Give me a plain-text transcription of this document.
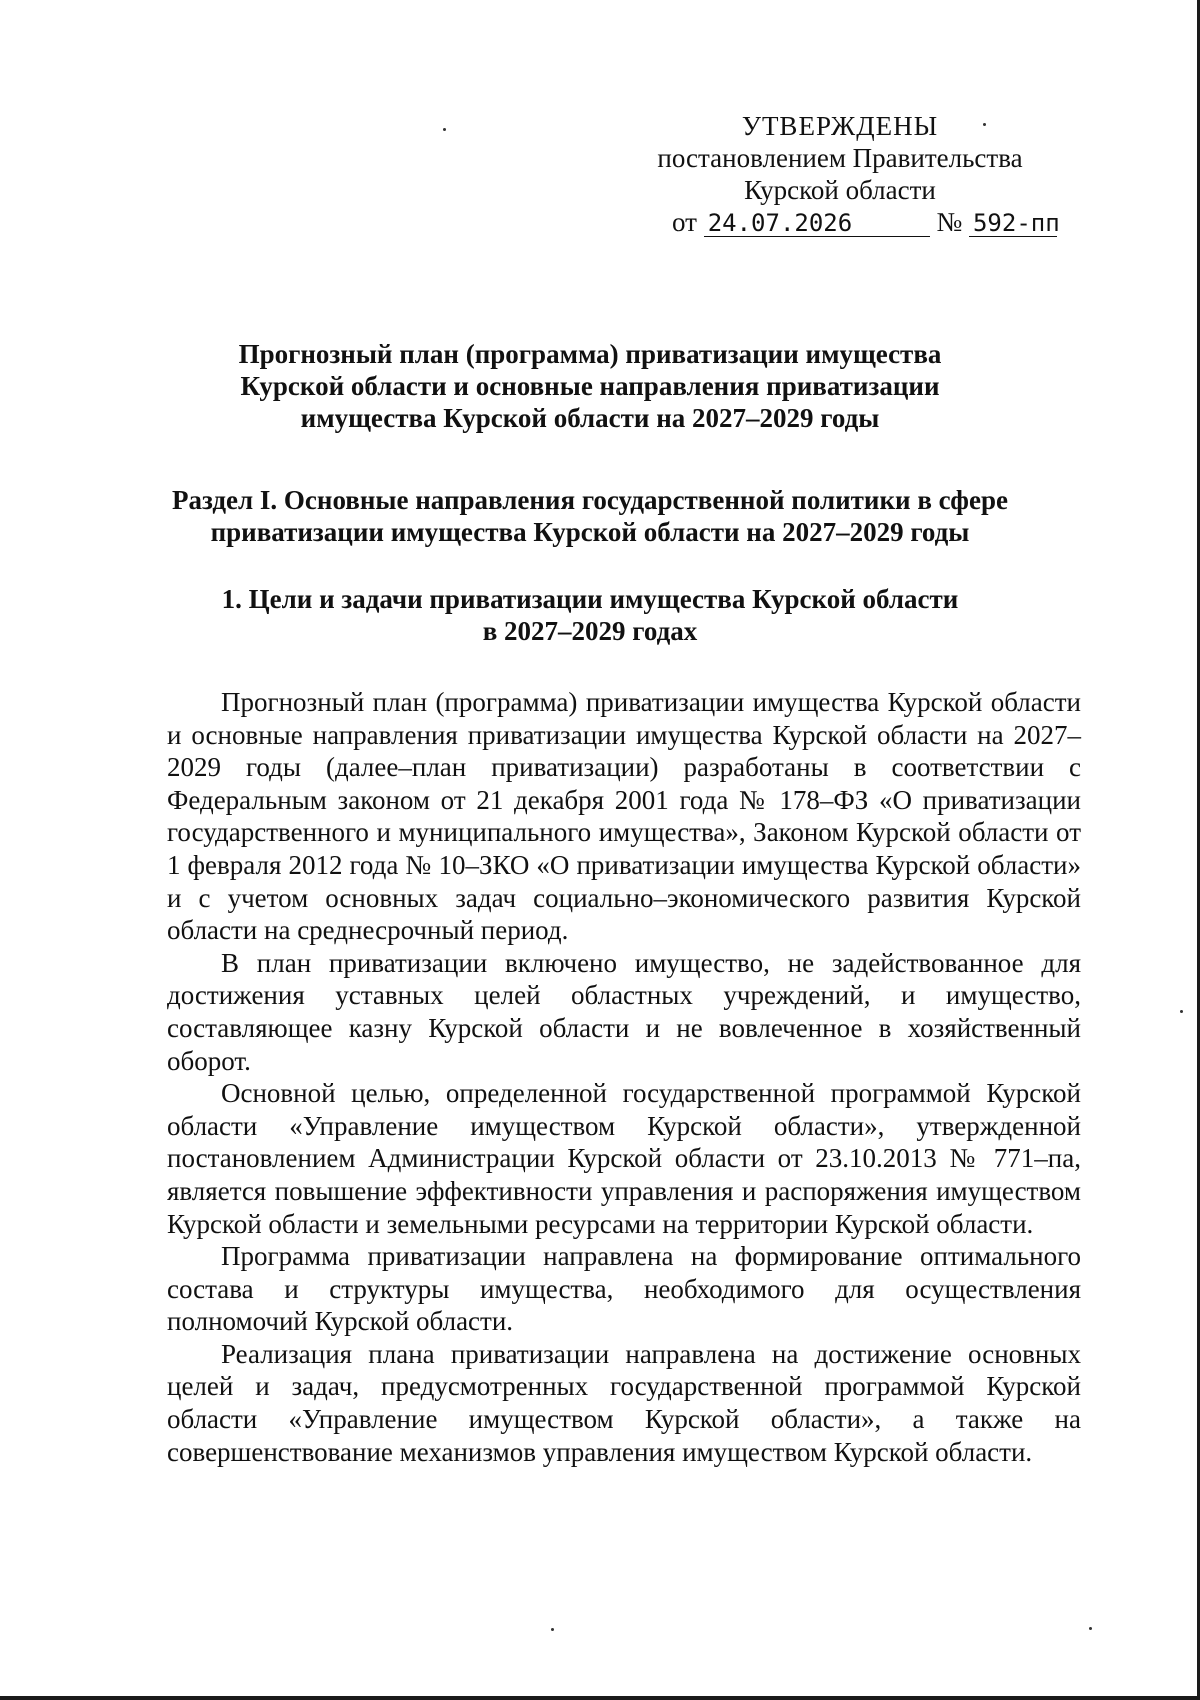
УТВЕРЖДЕНЫ
постановлением Правительства
Курской области
от 24.07.2026	№ 592-пп
Прогнозный план (программа) приватизации имущества
Курской области и основные направления приватизации
имущества Курской области на 2027–2029 годы
Раздел I. Основные направления государственной политики в сфере
приватизации имущества Курской области на 2027–2029 годы
1. Цели и задачи приватизации имущества Курской области
в 2027–2029 годах

Прогнозный план (программа) приватизации имущества Курской области и основные направления приватизации имущества Курской области на 2027–2029 годы (далее–план приватизации) разработаны в соответствии с Федеральным законом от 21 декабря 2001 года № 178–ФЗ «О приватизации государственного и муниципального имущества», Законом Курской области от 1 февраля 2012 года № 10–ЗКО «О приватизации имущества Курской области» и с учетом основных задач социально–экономического развития Курской области на среднесрочный период.

В план приватизации включено имущество, не задействованное для достижения уставных целей областных учреждений, и имущество, составляющее казну Курской области и не вовлеченное в хозяйственный оборот.

Основной целью, определенной государственной программой Курской области «Управление имуществом Курской области», утвержденной постановлением Администрации Курской области от 23.10.2013 № 771–па, является повышение эффективности управления и распоряжения имуществом Курской области и земельными ресурсами на территории Курской области.

Программа приватизации направлена на формирование оптимального состава и структуры имущества, необходимого для осуществления полномочий Курской области.

Реализация плана приватизации направлена на достижение основных целей и задач, предусмотренных государственной программой Курской области «Управление имуществом Курской области», а также на совершенствование механизмов управления имуществом Курской области.
